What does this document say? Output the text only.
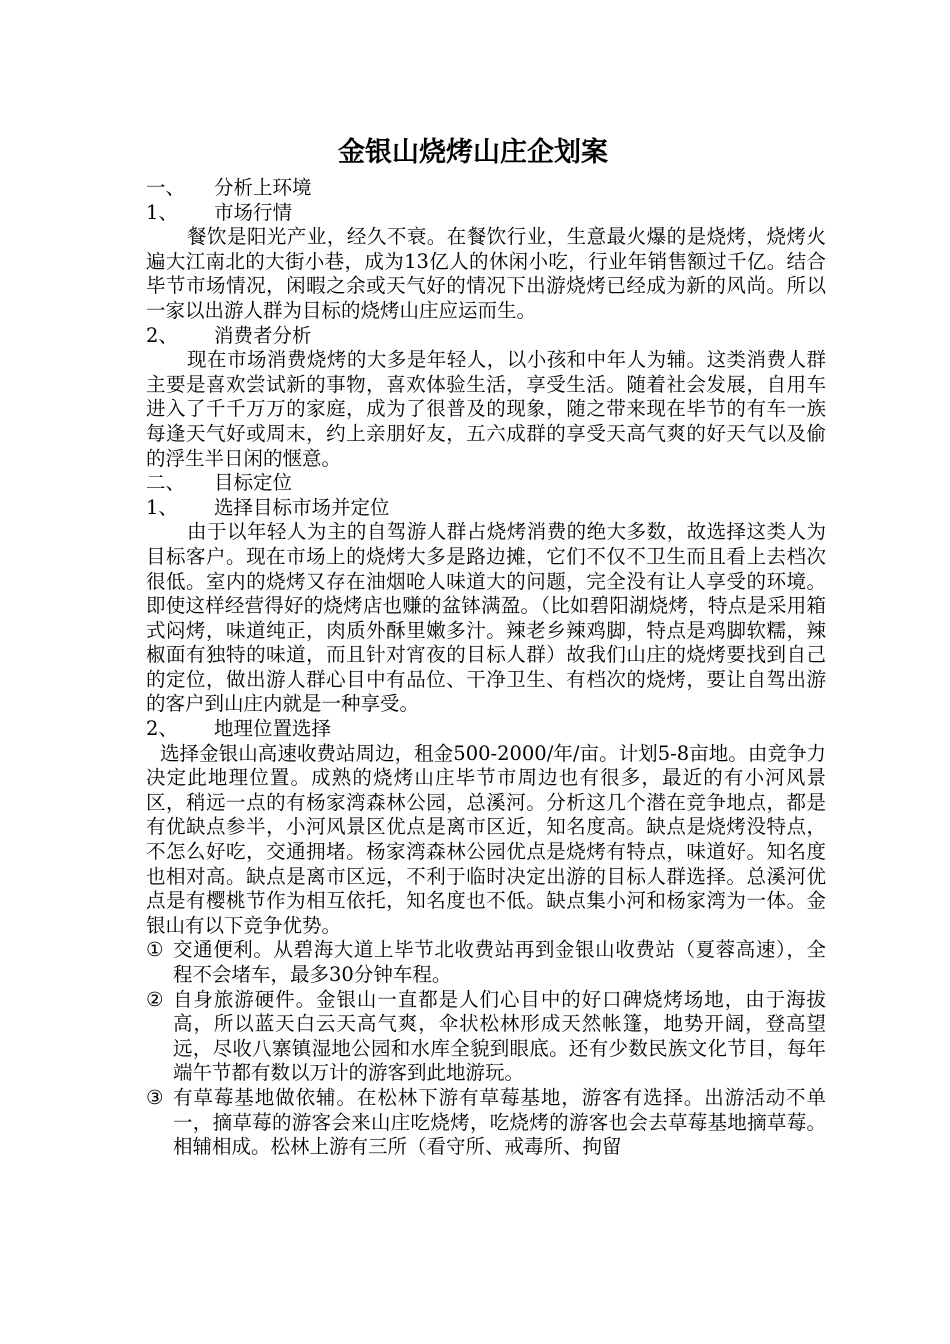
金银山烧烤山庄企划案
一、	分析上环境
1、	市场行情

餐饮是阳光产业，经久不衰。在餐饮行业，生意最火爆的是烧烤，烧烤火遍大江南北的大街小巷，成为13亿人的休闲小吃，行业年销售额过千亿。结合毕节市场情况，闲暇之余或天气好的情况下出游烧烤已经成为新的风尚。所以一家以出游人群为目标的烧烤山庄应运而生。

2、	消费者分析

现在市场消费烧烤的大多是年轻人，以小孩和中年人为辅。这类消费人群主要是喜欢尝试新的事物，喜欢体验生活，享受生活。随着社会发展，自用车进入了千千万万的家庭，成为了很普及的现象，随之带来现在毕节的有车一族每逢天气好或周末，约上亲朋好友，五六成群的享受天高气爽的好天气以及偷的浮生半日闲的惬意。

二、	目标定位
1、	选择目标市场并定位

由于以年轻人为主的自驾游人群占烧烤消费的绝大多数，故选择这类人为目标客户。现在市场上的烧烤大多是路边摊，它们不仅不卫生而且看上去档次很低。室内的烧烤又存在油烟呛人味道大的问题，完全没有让人享受的环境。即使这样经营得好的烧烤店也赚的盆钵满盈。（比如碧阳湖烧烤，特点是采用箱式闷烤，味道纯正，肉质外酥里嫩多汁。辣老乡辣鸡脚，特点是鸡脚软糯，辣椒面有独特的味道，而且针对宵夜的目标人群）故我们山庄的烧烤要找到自己的定位，做出游人群心目中有品位、干净卫生、有档次的烧烤，要让自驾出游的客户到山庄内就是一种享受。

2、	地理位置选择

选择金银山高速收费站周边，租金500-2000/年/亩。计划5-8亩地。由竞争力决定此地理位置。成熟的烧烤山庄毕节市周边也有很多，最近的有小河风景区，稍远一点的有杨家湾森林公园，总溪河。分析这几个潜在竞争地点，都是有优缺点参半，小河风景区优点是离市区近，知名度高。缺点是烧烤没特点，不怎么好吃，交通拥堵。杨家湾森林公园优点是烧烤有特点，味道好。知名度也相对高。缺点是离市区远，不利于临时决定出游的目标人群选择。总溪河优点是有樱桃节作为相互依托，知名度也不低。缺点集小河和杨家湾为一体。金银山有以下竞争优势。

① 交通便利。从碧海大道上毕节北收费站再到金银山收费站（夏蓉高速），全程不会堵车，最多30分钟车程。

② 自身旅游硬件。金银山一直都是人们心目中的好口碑烧烤场地，由于海拔高，所以蓝天白云天高气爽，伞状松林形成天然帐篷，地势开阔，登高望远，尽收八寨镇湿地公园和水库全貌到眼底。还有少数民族文化节目，每年端午节都有数以万计的游客到此地游玩。

③ 有草莓基地做依辅。在松林下游有草莓基地，游客有选择。出游活动不单一，摘草莓的游客会来山庄吃烧烤，吃烧烤的游客也会去草莓基地摘草莓。相辅相成。松林上游有三所（看守所、戒毒所、拘留
